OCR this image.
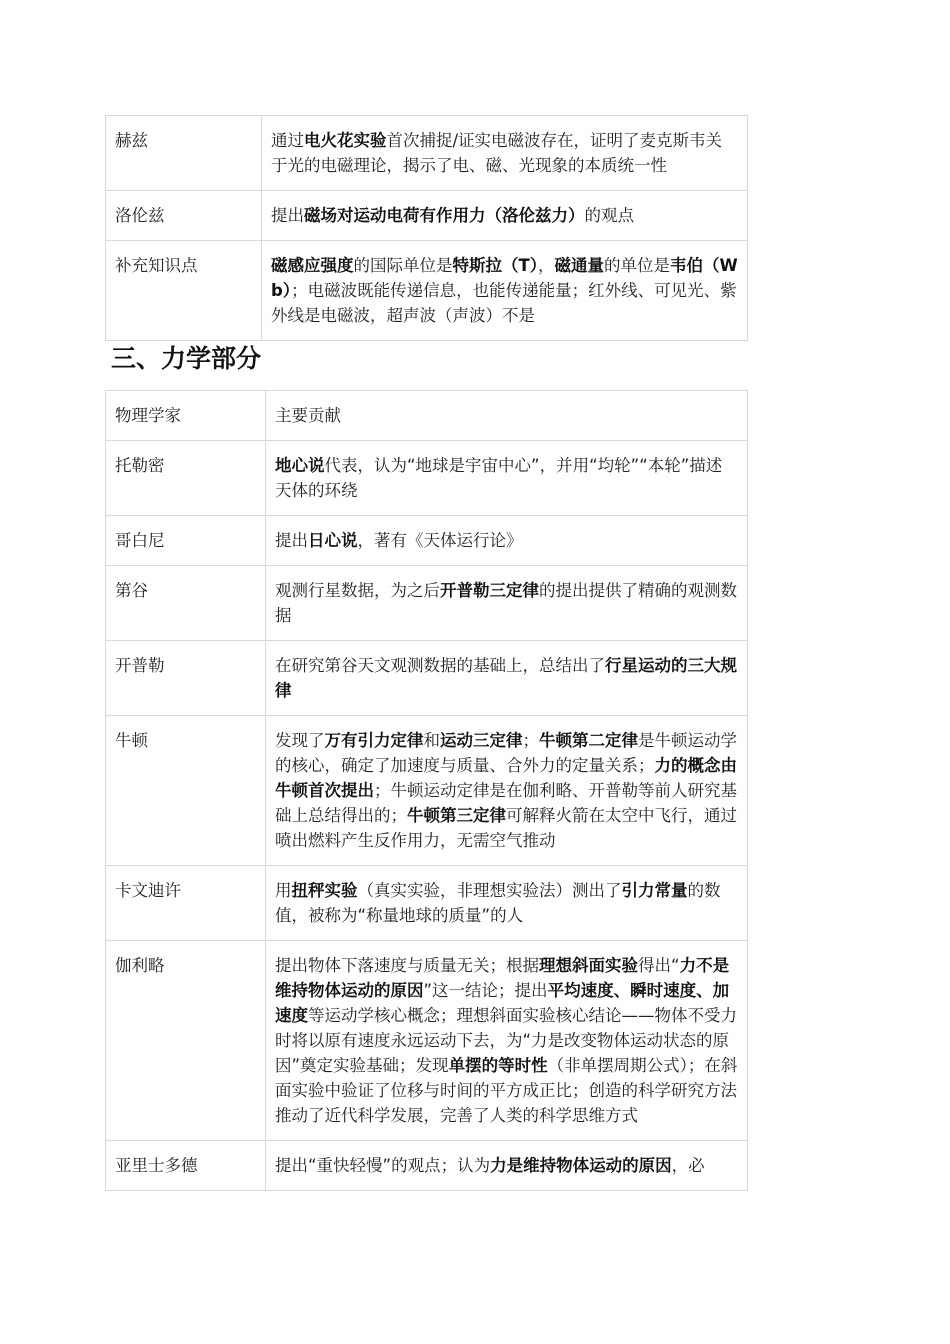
赫兹	通过电火花实验首次捕捉/证实电磁波存在，证明了麦克斯韦关于光的电磁理论，揭示了电、磁、光现象的本质统一性
洛伦兹	提出磁场对运动电荷有作用力（洛伦兹力）的观点
补充知识点	磁感应强度的国际单位是特斯拉（T），磁通量的单位是韦伯（Wb）；电磁波既能传递信息，也能传递能量；红外线、可见光、紫外线是电磁波，超声波（声波）不是
三、力学部分
物理学家	主要贡献
托勒密	地心说代表，认为“地球是宇宙中心”，并用“均轮”“本轮”描述天体的环绕
哥白尼	提出日心说，著有《天体运行论》
第谷	观测行星数据，为之后开普勒三定律的提出提供了精确的观测数据
开普勒	在研究第谷天文观测数据的基础上，总结出了行星运动的三大规律
牛顿	发现了万有引力定律和运动三定律；牛顿第二定律是牛顿运动学的核心，确定了加速度与质量、合外力的定量关系；力的概念由牛顿首次提出；牛顿运动定律是在伽利略、开普勒等前人研究基础上总结得出的；牛顿第三定律可解释火箭在太空中飞行，通过喷出燃料产生反作用力，无需空气推动
卡文迪许	用扭秤实验（真实实验，非理想实验法）测出了引力常量的数值，被称为“称量地球的质量”的人
伽利略	提出物体下落速度与质量无关；根据理想斜面实验得出“力不是维持物体运动的原因”这一结论；提出平均速度、瞬时速度、加速度等运动学核心概念；理想斜面实验核心结论——物体不受力时将以原有速度永远运动下去，为“力是改变物体运动状态的原因”奠定实验基础；发现单摆的等时性（非单摆周期公式）；在斜面实验中验证了位移与时间的平方成正比；创造的科学研究方法推动了近代科学发展，完善了人类的科学思维方式
亚里士多德	提出“重快轻慢”的观点；认为力是维持物体运动的原因，必
